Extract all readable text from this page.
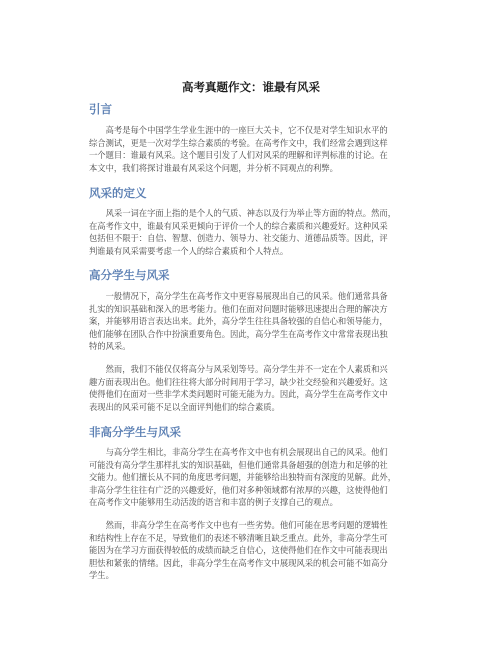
高考真题作文：谁最有风采
引言
　　高考是每个中国学生学业生涯中的一座巨大关卡，它不仅是对学生知识水平的
综合测试，更是一次对学生综合素质的考验。在高考作文中，我们经常会遇到这样
一个题目：谁最有风采。这个题目引发了人们对风采的理解和评判标准的讨论。在
本文中，我们将探讨谁最有风采这个问题，并分析不同观点的利弊。
风采的定义
　　风采一词在字面上指的是个人的气质、神态以及行为举止等方面的特点。然而，
在高考作文中，谁最有风采更倾向于评价一个人的综合素质和兴趣爱好。这种风采
包括但不限于：自信、智慧、创造力、领导力、社交能力、道德品质等。因此，评
判谁最有风采需要考虑一个人的综合素质和个人特点。
高分学生与风采
　　一般情况下，高分学生在高考作文中更容易展现出自己的风采。他们通常具备
扎实的知识基础和深入的思考能力。他们在面对问题时能够迅速提出合理的解决方
案，并能够用语言表达出来。此外，高分学生往往具备较强的自信心和领导能力，
他们能够在团队合作中扮演重要角色。因此，高分学生在高考作文中常常表现出独
特的风采。
　　然而，我们不能仅仅将高分与风采划等号。高分学生并不一定在个人素质和兴
趣方面表现出色。他们往往将大部分时间用于学习，缺少社交经验和兴趣爱好。这
使得他们在面对一些非学术类问题时可能无能为力。因此，高分学生在高考作文中
表现出的风采可能不足以全面评判他们的综合素质。
非高分学生与风采
　　与高分学生相比，非高分学生在高考作文中也有机会展现出自己的风采。他们
可能没有高分学生那样扎实的知识基础，但他们通常具备超强的创造力和足够的社
交能力。他们擅长从不同的角度思考问题，并能够给出独特而有深度的见解。此外，
非高分学生往往有广泛的兴趣爱好，他们对多种领域都有浓厚的兴趣，这使得他们
在高考作文中能够用生动活泼的语言和丰富的例子支撑自己的观点。
　　然而，非高分学生在高考作文中也有一些劣势。他们可能在思考问题的逻辑性
和结构性上存在不足，导致他们的表述不够清晰且缺乏重点。此外，非高分学生可
能因为在学习方面获得较低的成绩而缺乏自信心，这使得他们在作文中可能表现出
胆怯和紧张的情绪。因此，非高分学生在高考作文中展现风采的机会可能不如高分
学生。
